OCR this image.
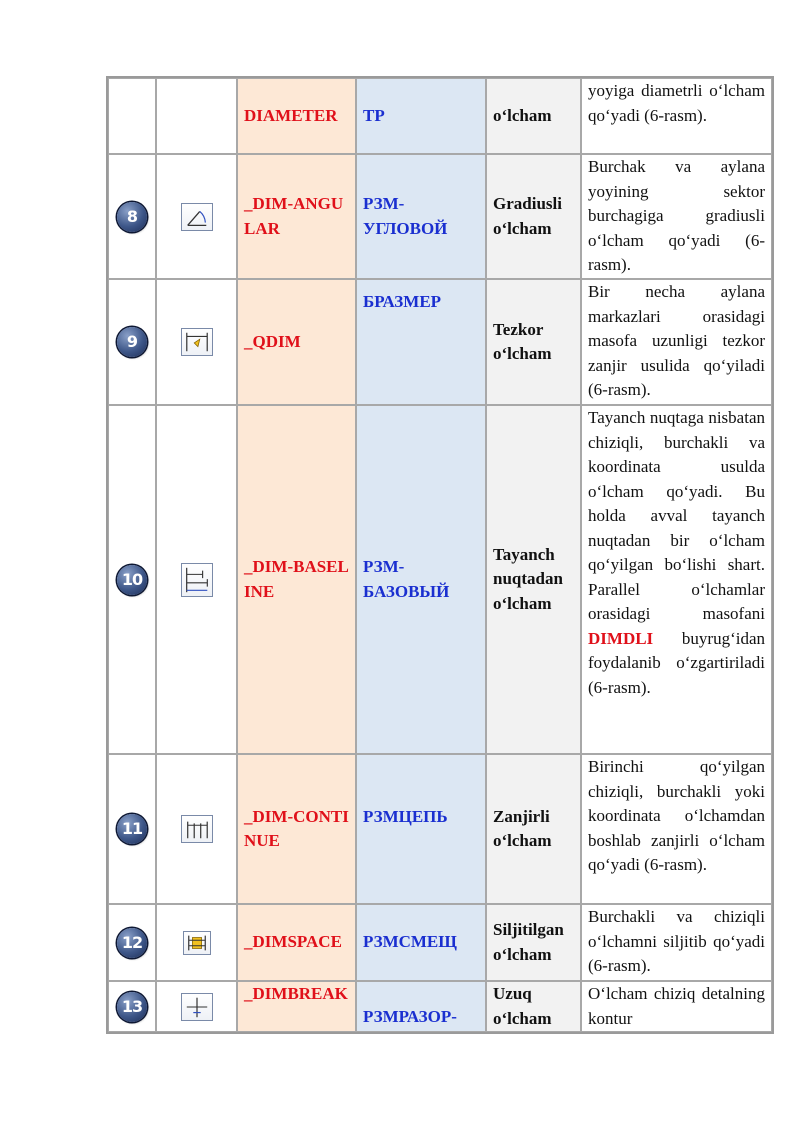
		DIAMETER	ТР	o‘lcham	yoyiga diametrli o‘lcham qo‘yadi (6-rasm).
8		_DIM-ANGULAR	РЗМ-УГЛОВОЙ	Gradiusli o‘lcham	Burchak va aylana yoyining sektor burchagiga gradiusli o‘lcham qo‘yadi (6-rasm).
9		_QDIM	БРАЗМЕР	Tezkor o‘lcham	Bir necha aylana markazlari orasidagi masofa uzunligi tezkor zanjir usulida qo‘yiladi (6-rasm).
10		_DIM-BASELINE	РЗМ-БАЗОВЫЙ	Tayanch nuqtadan o‘lcham	Tayanch nuqtaga nisbatan chiziqli, burchakli va koordinata usulda o‘lcham qo‘yadi. Bu holda avval tayanch nuqtadan bir o‘lcham qo‘yilgan bo‘lishi shart. Parallel o‘lchamlar orasidagi masofani DIMDLI buyrug‘idan foydalanib o‘zgartiriladi (6-rasm).
11		_DIM-CONTINUE	РЗМЦЕПЬ	Zanjirli o‘lcham	Birinchi qo‘yilgan chiziqli, burchakli yoki koordinata o‘lchamdan boshlab zanjirli o‘lcham qo‘yadi (6-rasm).
12		_DIMSPACE	РЗМСМЕЩ	Siljitilgan o‘lcham	Burchakli va chiziqli o‘lchamni siljitib qo‘yadi (6-rasm).
13		_DIMBREAK	РЗМРАЗОР-	Uzuq o‘lcham	O‘lcham chiziq detalning kontur
